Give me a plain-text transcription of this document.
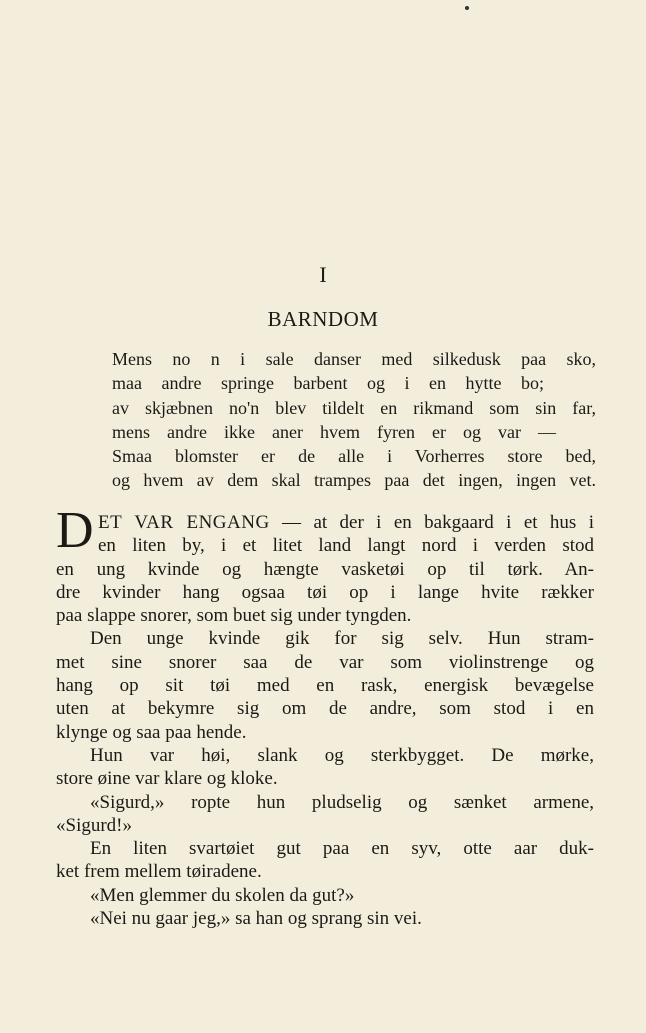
I
BARNDOM
Mens no n i sale danser med silkedusk paa sko,
maa andre springe barbent og i en hytte bo;
av skjæbnen no'n blev tildelt en rikmand som sin far,
mens andre ikke aner hvem fyren er og var —
Smaa blomster er de alle i Vorherres store bed,
og hvem av dem skal trampes paa det ingen, ingen vet.
D ET VAR ENGANG — at der i en bakgaard i et hus i
en liten by, i et litet land langt nord i verden stod
en ung kvinde og hængte vasketøi op til tørk. An-
dre kvinder hang ogsaa tøi op i lange hvite rækker
paa slappe snorer, som buet sig under tyngden.
Den unge kvinde gik for sig selv. Hun stram-
met sine snorer saa de var som violinstrenge og
hang op sit tøi med en rask, energisk bevægelse
uten at bekymre sig om de andre, som stod i en
klynge og saa paa hende.
Hun var høi, slank og sterkbygget. De mørke,
store øine var klare og kloke.
«Sigurd,» ropte hun pludselig og sænket armene,
«Sigurd!»
En liten svartøiet gut paa en syv, otte aar duk-
ket frem mellem tøiradene.
«Men glemmer du skolen da gut?»
«Nei nu gaar jeg,» sa han og sprang sin vei.
